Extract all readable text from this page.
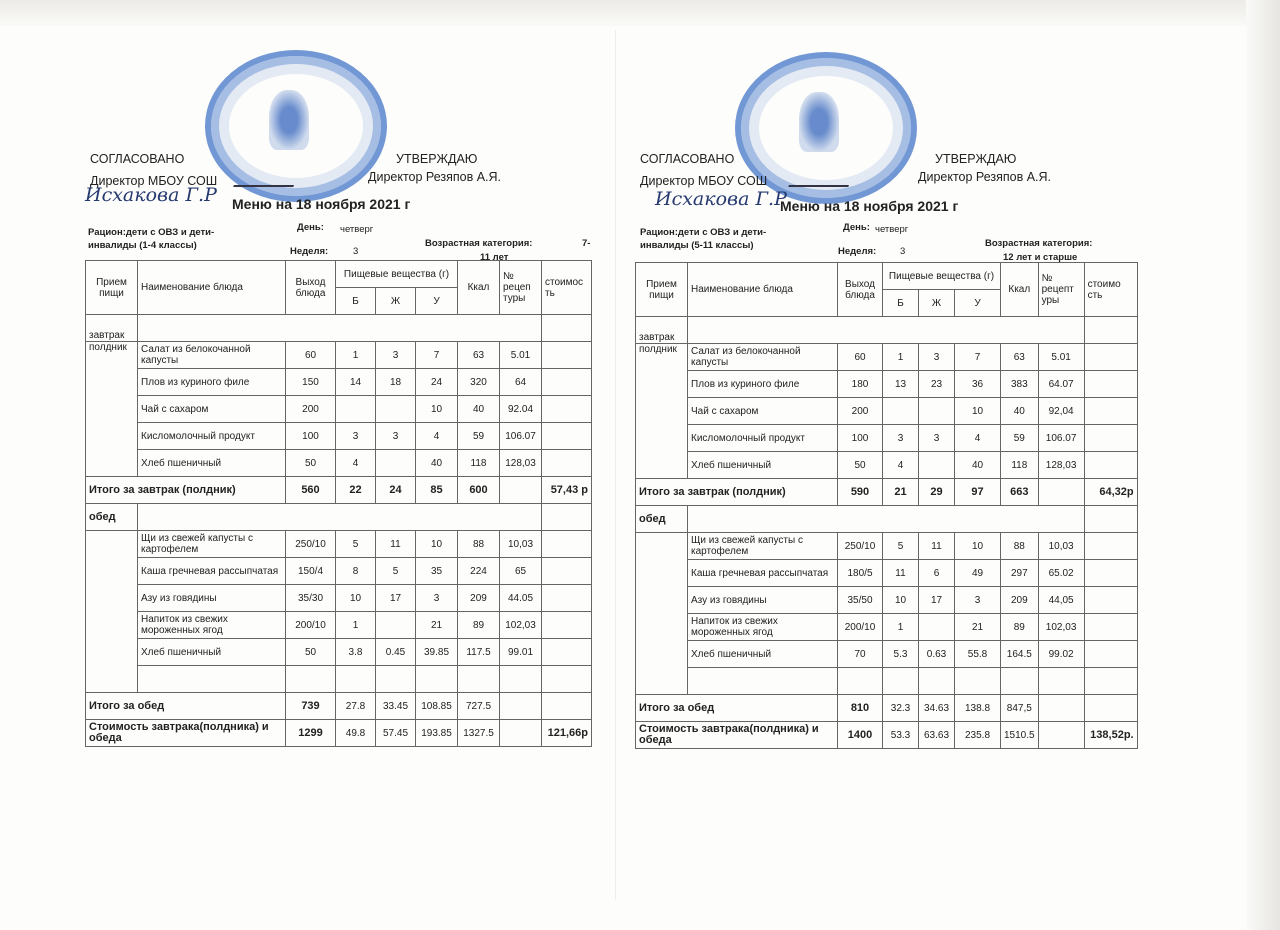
СОГЛАСОВАНО	УТВЕРЖДАЮ
Директор МБОУ СОШ	Директор Резяпов А.Я.
Исхакова Г.Р Меню на 18 ноября 2021 г
Рацион:дети с ОВЗ и дети-
инвалиды (1-4 классы)
День: четверг
Неделя:	3
Возрастная категория:	7-
11 лет
Прием пищи	Наименование блюда	Выход блюда	Пищевые вещества (г)			Ккал	№ рецеп туры	стоимос ть
			Б	Ж	У			
завтрак								
полдник	Салат из белокочанной капусты	60	1	3	7	63	5.01	
	Плов из куриного филе	150	14	18	24	320	64	
	Чай с сахаром	200			10	40	92.04	
	Кисломолочный продукт	100	3	3	4	59	106.07	
	Хлеб пшеничный	50	4		40	118	128,03	
Итого за завтрак (полдник)		560	22	24	85	600		57,43 р
обед								
	Щи из свежей капусты с картофелем	250/10	5	11	10	88	10,03	
	Каша гречневая рассыпчатая	150/4	8	5	35	224	65	
	Азу из говядины	35/30	10	17	3	209	44.05	
	Напиток из свежих мороженных ягод	200/10	1		21	89	102,03	
	Хлеб пшеничный	50	3.8	0.45	39.85	117.5	99.01	

Итого за обед		739	27.8	33.45	108.85	727.5		
Стоимость завтрака(полдника) и обеда		1299	49.8	57.45	193.85	1327.5		121,66р
СОГЛАСОВАНО	УТВЕРЖДАЮ
Директор МБОУ СОШ	Директор Резяпов А.Я.
Исхакова Г.Р
Меню на 18 ноября 2021 г
Рацион:дети с ОВЗ и дети-
инвалиды (5-11 классы)
День: четверг
Неделя:	3
Возрастная категория:
12 лет и старше
Прием пищи	Наименование блюда	Выход блюда	Пищевые вещества (г)			Ккал	№ рецепт уры	стоимо сть
			Б	Ж	У			
завтрак								
полдник	Салат из белокочанной капусты	60	1	3	7	63	5.01	
	Плов из куриного филе	180	13	23	36	383	64.07	
	Чай с сахаром	200			10	40	92,04	
	Кисломолочный продукт	100	3	3	4	59	106.07	
	Хлеб пшеничный	50	4		40	118	128,03	
Итого за завтрак (полдник)		590	21	29	97	663		64,32р
обед								
	Щи из свежей капусты с картофелем	250/10	5	11	10	88	10,03	
	Каша гречневая рассыпчатая	180/5	11	6	49	297	65.02	
	Азу из говядины	35/50	10	17	3	209	44,05	
	Напиток из свежих мороженных ягод	200/10	1		21	89	102,03	
	Хлеб пшеничный	70	5.3	0.63	55.8	164.5	99.02	

Итого за обед		810	32.3	34.63	138.8	847,5		
Стоимость завтрака(полдника) и обеда		1400	53.3	63.63	235.8	1510.5		138,52р.
